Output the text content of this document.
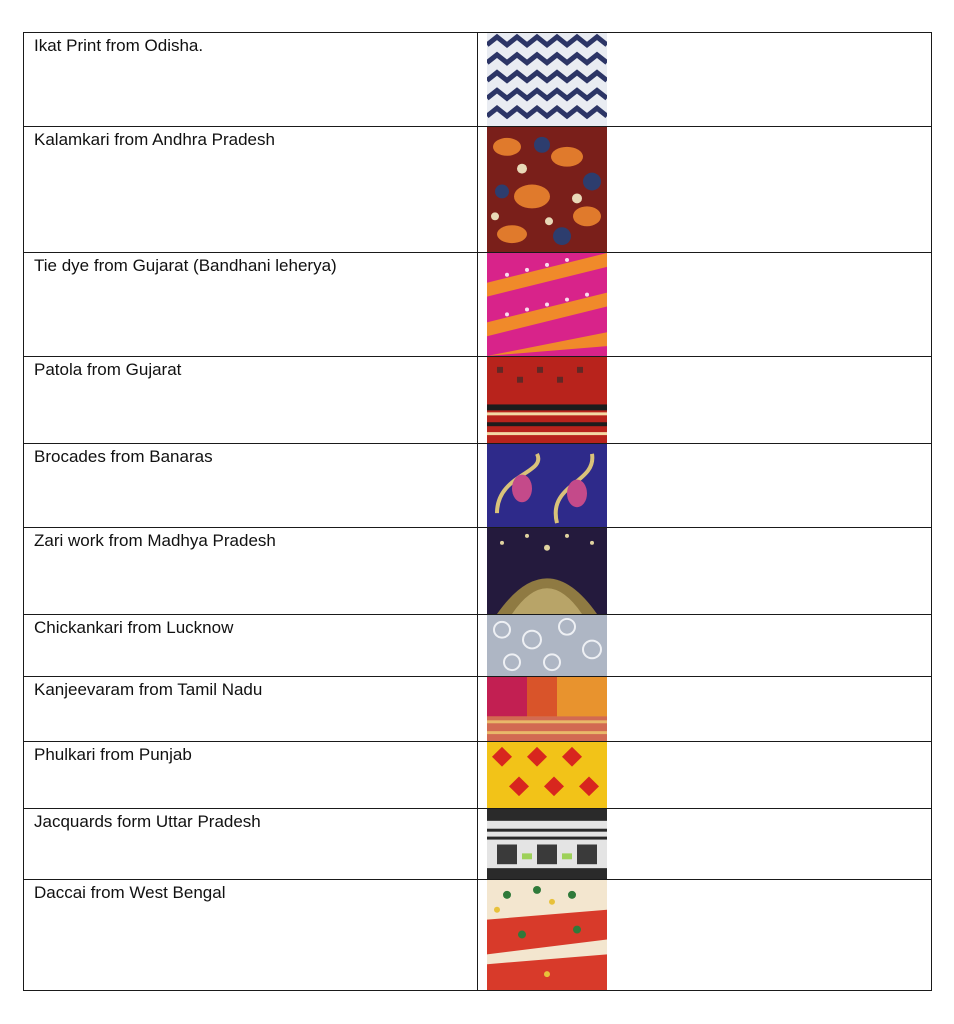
Ikat Print from Odisha.

Kalamkari from Andhra Pradesh

Tie dye from Gujarat (Bandhani leherya)

Patola from Gujarat

Brocades from Banaras

Zari work from Madhya Pradesh

Chickankari from Lucknow

Kanjeevaram from Tamil Nadu

Phulkari from Punjab

Jacquards form Uttar Pradesh

Daccai from West Bengal
